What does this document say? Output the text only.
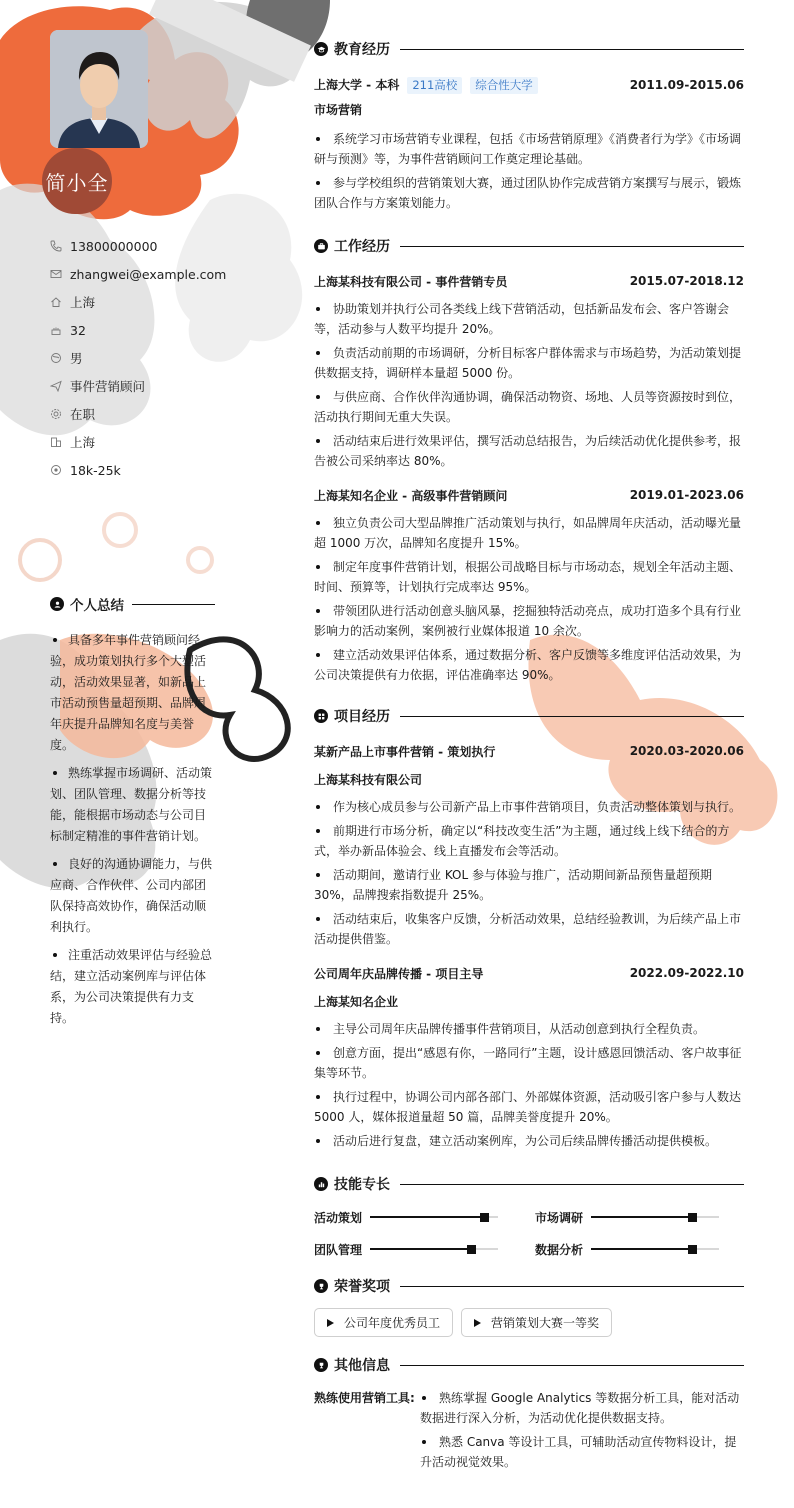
简小全
13800000000
zhangwei@example.com
上海
32
男
事件营销顾问
在职
上海
18k-25k
个人总结
具备多年事件营销顾问经验，成功策划执行多个大型活动，活动效果显著，如新品上市活动预售量超预期、品牌周年庆提升品牌知名度与美誉度。
熟练掌握市场调研、活动策划、团队管理、数据分析等技能，能根据市场动态与公司目标制定精准的事件营销计划。
良好的沟通协调能力，与供应商、合作伙伴、公司内部团队保持高效协作，确保活动顺利执行。
注重活动效果评估与经验总结，建立活动案例库与评估体系，为公司决策提供有力支持。
教育经历
上海大学 - 本科 211高校 综合性大学	2011.09-2015.06
市场营销
系统学习市场营销专业课程，包括《市场营销原理》《消费者行为学》《市场调研与预测》等，为事件营销顾问工作奠定理论基础。
参与学校组织的营销策划大赛，通过团队协作完成营销方案撰写与展示，锻炼团队合作与方案策划能力。
工作经历
上海某科技有限公司 - 事件营销专员	2015.07-2018.12
协助策划并执行公司各类线上线下营销活动，包括新品发布会、客户答谢会等，活动参与人数平均提升 20%。
负责活动前期的市场调研，分析目标客户群体需求与市场趋势，为活动策划提供数据支持，调研样本量超 5000 份。
与供应商、合作伙伴沟通协调，确保活动物资、场地、人员等资源按时到位，活动执行期间无重大失误。
活动结束后进行效果评估，撰写活动总结报告，为后续活动优化提供参考，报告被公司采纳率达 80%。
上海某知名企业 - 高级事件营销顾问	2019.01-2023.06
独立负责公司大型品牌推广活动策划与执行，如品牌周年庆活动，活动曝光量超 1000 万次，品牌知名度提升 15%。
制定年度事件营销计划，根据公司战略目标与市场动态，规划全年活动主题、时间、预算等，计划执行完成率达 95%。
带领团队进行活动创意头脑风暴，挖掘独特活动亮点，成功打造多个具有行业影响力的活动案例，案例被行业媒体报道 10 余次。
建立活动效果评估体系，通过数据分析、客户反馈等多维度评估活动效果，为公司决策提供有力依据，评估准确率达 90%。
项目经历
某新产品上市事件营销 - 策划执行	2020.03-2020.06
上海某科技有限公司
作为核心成员参与公司新产品上市事件营销项目，负责活动整体策划与执行。
前期进行市场分析，确定以“科技改变生活”为主题，通过线上线下结合的方式，举办新品体验会、线上直播发布会等活动。
活动期间，邀请行业 KOL 参与体验与推广，活动期间新品预售量超预期 30%，品牌搜索指数提升 25%。
活动结束后，收集客户反馈，分析活动效果，总结经验教训，为后续产品上市活动提供借鉴。
公司周年庆品牌传播 - 项目主导	2022.09-2022.10
上海某知名企业
主导公司周年庆品牌传播事件营销项目，从活动创意到执行全程负责。
创意方面，提出“感恩有你，一路同行”主题，设计感恩回馈活动、客户故事征集等环节。
执行过程中，协调公司内部各部门、外部媒体资源，活动吸引客户参与人数达 5000 人，媒体报道量超 50 篇，品牌美誉度提升 20%。
活动后进行复盘，建立活动案例库，为公司后续品牌传播活动提供模板。
技能专长
活动策划	市场调研
团队管理	数据分析
荣誉奖项
公司年度优秀员工	营销策划大赛一等奖
其他信息
熟练使用营销工具:	熟练掌握 Google Analytics 等数据分析工具，能对活动数据进行深入分析，为活动优化提供数据支持。
熟悉 Canva 等设计工具，可辅助活动宣传物料设计，提升活动视觉效果。
